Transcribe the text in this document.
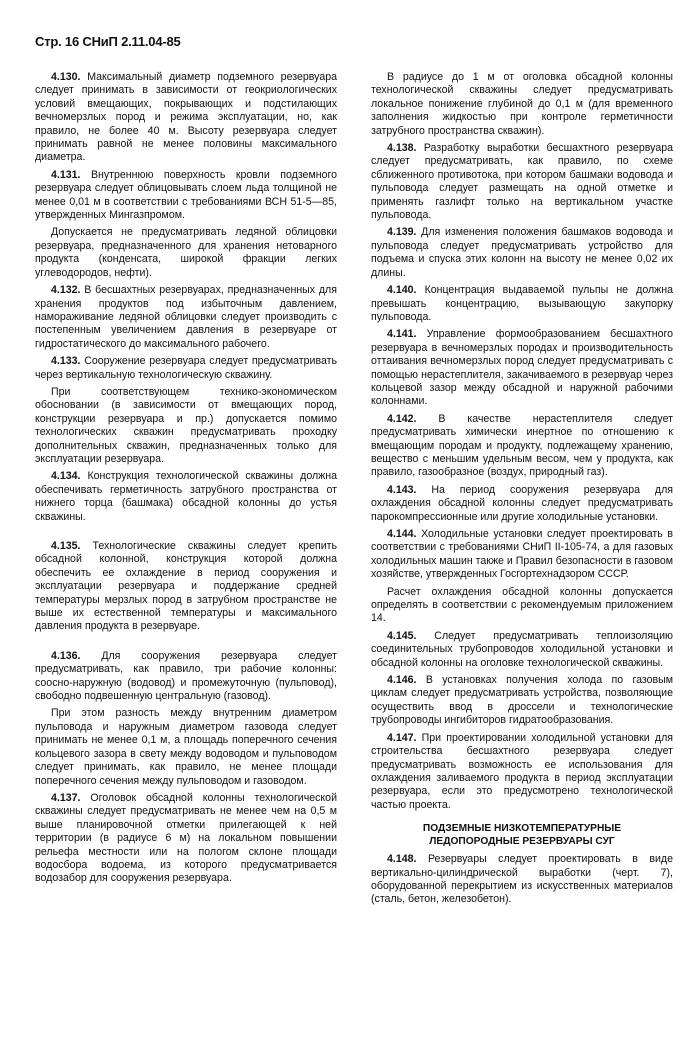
Стр. 16 СНиП 2.11.04-85

4.130. Максимальный диаметр подземного резервуара следует принимать в зависимости от геокриологических условий вмещающих, покрывающих и подстилающих вечномерзлых пород и режима эксплуатации, но, как правило, не более 40 м. Высоту резервуара следует принимать равной не менее половины максимального диаметра.

4.131. Внутреннюю поверхность кровли подземного резервуара следует облицовывать слоем льда толщиной не менее 0,01 м в соответствии с требованиями ВСН 51-5—85, утвержденных Мингазпромом.

Допускается не предусматривать ледяной облицовки резервуара, предназначенного для хранения нетоварного продукта (конденсата, широкой фракции легких углеводородов, нефти).

4.132. В бесшахтных резервуарах, предназначенных для хранения продуктов под избыточным давлением, намораживание ледяной облицовки следует производить с постепенным увеличением давления в резервуаре от гидростатического до максимального рабочего.

4.133. Сооружение резервуара следует предусматривать через вертикальную технологическую скважину.

При соответствующем технико-экономическом обосновании (в зависимости от вмещающих пород, конструкции резервуара и пр.) допускается помимо технологических скважин предусматривать проходку дополнительных скважин, предназначенных только для эксплуатации резервуара.

4.134. Конструкция технологической скважины должна обеспечивать герметичность затрубного пространства от нижнего торца (башмака) обсадной колонны до устья скважины.

4.135. Технологические скважины следует крепить обсадной колонной, конструкция которой должна обеспечить ее охлаждение в период сооружения и эксплуатации резервуара и поддержание средней температуры мерзлых пород в затрубном пространстве не выше их естественной температуры и максимального давления продукта в резервуаре.

4.136. Для сооружения резервуара следует предусматривать, как правило, три рабочие колонны: соосно-наружную (водовод) и промежуточную (пульповод), свободно подвешенную центральную (газовод).

При этом разность между внутренним диаметром пульповода и наружным диаметром газовода следует принимать не менее 0,1 м, а площадь поперечного сечения кольцевого зазора в свету между водоводом и пульповодом следует принимать, как правило, не менее площади поперечного сечения между пульповодом и газоводом.

4.137. Оголовок обсадной колонны технологической скважины следует предусматривать не менее чем на 0,5 м выше планировочной отметки прилегающей к ней территории (в радиусе 6 м) на локальном повышении рельефа местности или на пологом склоне площади водосбора водоема, из которого предусматривается водозабор для сооружения резервуара.

В радиусе до 1 м от оголовка обсадной колонны технологической скважины следует предусматривать локальное понижение глубиной до 0,1 м (для временного заполнения жидкостью при контроле герметичности затрубного пространства скважин).

4.138. Разработку выработки бесшахтного резервуара следует предусматривать, как правило, по схеме сближенного противотока, при котором башмаки водовода и пульповода следует размещать на одной отметке и применять газлифт только на вертикальном участке пульповода.

4.139. Для изменения положения башмаков водовода и пульповода следует предусматривать устройство для подъема и спуска этих колонн на высоту не менее 0,02 их длины.

4.140. Концентрация выдаваемой пульпы не должна превышать концентрацию, вызывающую закупорку пульповода.

4.141. Управление формообразованием бесшахтного резервуара в вечномерзлых породах и производительность оттаивания вечномерзлых пород следует предусматривать с помощью нерастеплителя, закачиваемого в резервуар через кольцевой зазор между обсадной и наружной рабочими колоннами.

4.142. В качестве нерастеплителя следует предусматривать химически инертное по отношению к вмещающим породам и продукту, подлежащему хранению, вещество с меньшим удельным весом, чем у продукта, как правило, газообразное (воздух, природный газ).

4.143. На период сооружения резервуара для охлаждения обсадной колонны следует предусматривать парокомпрессионные или другие холодильные установки.

4.144. Холодильные установки следует проектировать в соответствии с требованиями СНиП II-105-74, а для газовых холодильных машин также и Правил безопасности в газовом хозяйстве, утвержденных Госгортехнадзором СССР.

Расчет охлаждения обсадной колонны допускается определять в соответствии с рекомендуемым приложением 14.

4.145. Следует предусматривать теплоизоляцию соединительных трубопроводов холодильной установки и обсадной колонны на оголовке технологической скважины.

4.146. В установках получения холода по газовым циклам следует предусматривать устройства, позволяющие осуществить ввод в дроссели и технологические трубопроводы ингибиторов гидратообразования.

4.147. При проектировании холодильной установки для строительства бесшахтного резервуара следует предусматривать возможность ее использования для охлаждения заливаемого продукта в период эксплуатации резервуара, если это предусмотрено технологической частью проекта.

ПОДЗЕМНЫЕ НИЗКОТЕМПЕРАТУРНЫЕ
ЛЕДОПОРОДНЫЕ РЕЗЕРВУАРЫ СУГ

4.148. Резервуары следует проектировать в виде вертикально-цилиндрической выработки (черт. 7), оборудованной перекрытием из искусственных материалов (сталь, бетон, железобетон).
